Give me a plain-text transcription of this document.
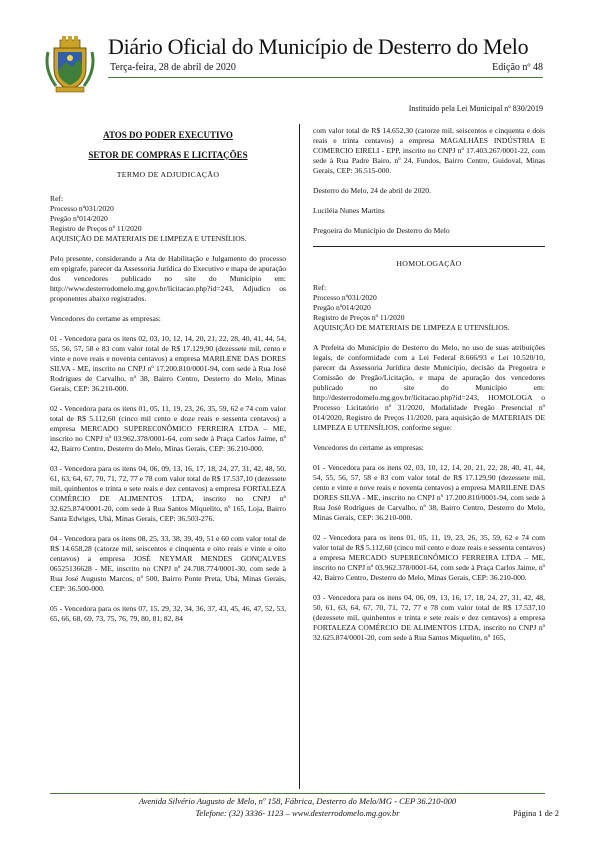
Diário Oficial do Município de Desterro do Melo
Terça-feira, 28 de abril de 2020	Edição nº 48
Instituído pela Lei Municipal nº 830/2019
ATOS DO PODER EXECUTIVO
SETOR DE COMPRAS E LICITAÇÕES
TERMO DE ADJUDICAÇÃO

Ref:

Processo nº031/2020

Pregão nº014/2020

Registro de Preços nº 11/2020

AQUISIÇÃO DE MATERIAIS DE LIMPEZA E UTENSÍLIOS.

Pelo presente, considerando a Ata de Habilitação e Julgamento do processo em epígrafe, parecer da Assessoria Jurídica do Executivo e mapa de apuração dos vencedores publicado no site do Município em: http://www.desterrodomelo.mg.gov.br/licitacao.php?id=243, Adjudico os proponentes abaixo registrados.

Vencedores do certame as empresas:

01 - Vencedora para os itens 02, 03, 10, 12, 14, 20, 21, 22, 28, 40, 41, 44, 54, 55, 56, 57, 58 e 83 com valor total de R$ 17.129,90 (dezessete mil, cento e vinte e nove reais e noventa centavos) a empresa MARILENE DAS DORES SILVA - ME, inscrito no CNPJ nº 17.200.810/0001-94, com sede à Rua José Rodrigues de Carvalho, nº 38, Bairro Centro, Desterro do Melo, Minas Gerais, CEP: 36.210-000.

02 - Vencedora para os itens 01, 05, 11, 19, 23, 26, 35, 59, 62 e 74 com valor total de R$ 5.112,60 (cinco mil cento e doze reais e sessenta centavos) a empresa MERCADO SUPEREC0NÔMICO FERREIRA LTDA – ME, inscrito no CNPJ nº 03.962.378/0001-64, com sede à Praça Carlos Jaime, nº 42, Bairro Centro, Desterro do Melo, Minas Gerais, CEP: 36.210-000.

03 - Vencedora para os itens 04, 06, 09, 13, 16, 17, 18, 24, 27, 31, 42, 48, 50, 61, 63, 64, 67, 70, 71, 72, 77 e 78 com valor total de R$ 17.537,10 (dezessete mil, quinhentos e trinta e sete reais e dez centavos) a empresa FORTALEZA COMÉRCIO DE ALIMENTOS LTDA, inscrito no CNPJ nº 32.625.874/0001-20, com sede à Rua Santos Miquelito, nº 165, Loja, Bairro Santa Edwiges, Ubá, Minas Gerais, CEP: 36.503-276.

04 - Vencedora para os itens 08, 25, 33, 38, 39, 49, 51 e 60 com valor total de R$ 14.658,28 (catorze mil, seiscentos e cinquenta e oito reais e vinte e oito centavos) a empresa JOSÉ NEYMAR MENDES GONÇALVES 06525136628 - ME, inscrito no CNPJ nº 24.708.774/0001-30, com sede à Rua José Augusto Marcos, nº 500, Bairro Ponte Preta, Ubá, Minas Gerais, CEP: 36.500-000.

05 - Vencedora para os itens 07, 15, 29, 32, 34, 36, 37, 43, 45, 46, 47, 52, 53, 65, 66, 68, 69, 73, 75, 76, 79, 80, 81, 82, 84

com valor total de R$ 14.652,30 (catorze mil, seiscentos e cinquenta e dois reais e trinta centavos) a empresa MAGALHÃES INDÚSTRIA E COMERCIO EIRELI - EPP, inscrito no CNPJ nº 17.403.267/0001-22, com sede à Rua Padre Bairo, nº 24, Fundos, Bairro Centro, Guidoval, Minas Gerais, CEP: 36.515-000.

Desterro do Melo, 24 de abril de 2020.

Luciléia Nunes Martins

Pregoeira do Município de Desterro do Melo

HOMOLOGAÇÃO

Ref:

Processo nº031/2020

Pregão nº014/2020

Registro de Preços nº 11/2020

AQUISIÇÃO DE MATERIAIS DE LIMPEZA E UTENSÍLIOS.

A Prefeita do Município de Desterro do Melo, no uso de suas atribuições legais, de conformidade com a Lei Federal 8.666/93 e Lei 10.520/10, parecer da Assessoria Jurídica deste Município, decisão da Pregoeira e Comissão de Pregão/Licitação, e mapa de apuração dos vencedores publicado no site do Município em: http://desterrodomelo.mg.gov.br/licitacao.php?id=243, HOMOLOGA o Processo Licitatório nº 31/2020, Modalidade Pregão Presencial nº 014/2020, Registro de Preços 11/2020, para aquisição de MATERIAIS DE LIMPEZA E UTENSÍLIOS, conforme segue:

Vencedores do certame as empresas:

01 - Vencedora para os itens 02, 03, 10, 12, 14, 20, 21, 22, 28, 40, 41, 44, 54, 55, 56, 57, 58 e 83 com valor total de R$ 17.129,90 (dezessete mil, cento e vinte e nove reais e noventa centavos) a empresa MARILENE DAS DORES SILVA - ME, inscrito no CNPJ nº 17.200.810/0001-94, com sede à Rua José Rodrigues de Carvalho, nº 38, Bairro Centro, Desterro do Melo, Minas Gerais, CEP: 36.210-000.

02 - Vencedora para os itens 01, 05, 11, 19, 23, 26, 35, 59, 62 e 74 com valor total de R$ 5.112,60 (cinco mil cento e doze reais e sessenta centavos) a empresa MERCADO SUPEREC0NÔMICO FERREIRA LTDA – ME, inscrito no CNPJ nº 03.962.378/0001-64, com sede à Praça Carlos Jaime, nº 42, Bairro Centro, Desterro do Melo, Minas Gerais, CEP: 36.210-000.

03 - Vencedora para os itens 04, 06, 09, 13, 16, 17, 18, 24, 27, 31, 42, 48, 50, 61, 63, 64, 67, 70, 71, 72, 77 e 78 com valor total de R$ 17.537,10 (dezessete mil, quinhentos e trinta e sete reais e dez centavos) a empresa FORTALEZA COMÉRCIO DE ALIMENTOS LTDA, inscrito no CNPJ nº 32.625.874/0001-20, com sede à Rua Santos Miquelito, nº 165,

Avenida Silvério Augusto de Melo, nº 158, Fábrica, Desterro do Melo/MG - CEP 36.210-000
Telefone: (32) 3336- 1123 – www.desterrodomelo.mg.gov.br	Página 1 de 2
